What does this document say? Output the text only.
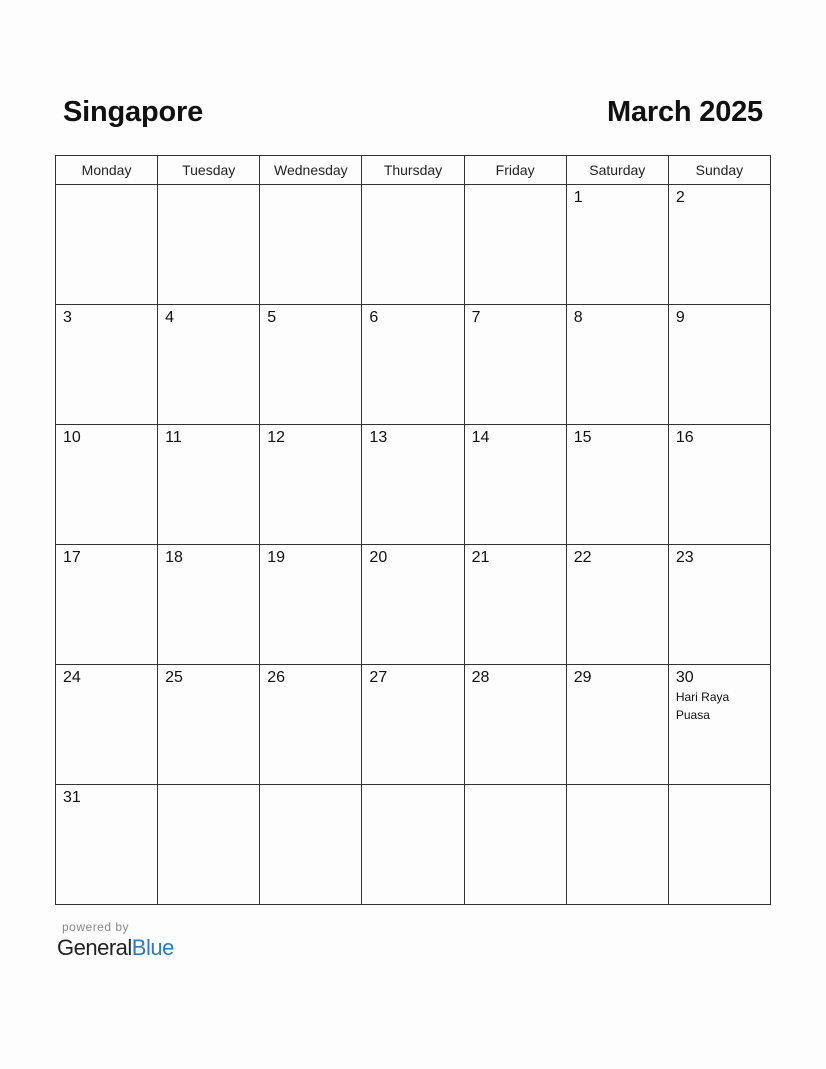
Singapore	March 2025
Monday	Tuesday	Wednesday	Thursday	Friday	Saturday	Sunday

					1	2

3	4	5	6	7	8	9

10	11	12	13	14	15	16

17	18	19	20	21	22	23

24	25	26	27	28	29	30
Hari Raya Puasa

31						

powered by
GeneralBlue
